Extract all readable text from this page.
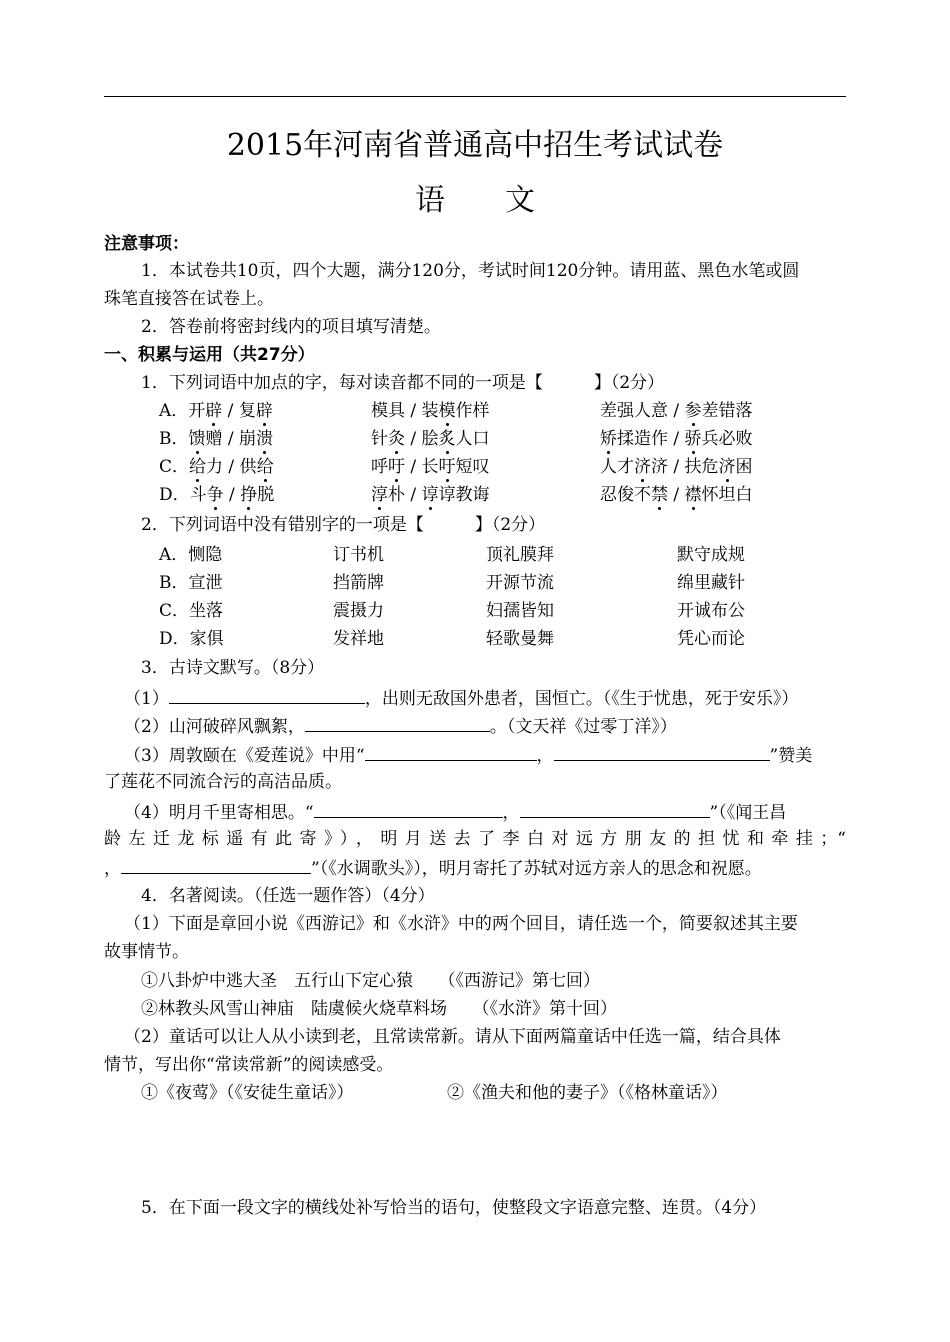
2015年河南省普通高中招生考试试卷
语文
注意事项：
1．本试卷共10页，四个大题，满分120分，考试时间120分钟。请用蓝、黑色水笔或圆
珠笔直接答在试卷上。
2．答卷前将密封线内的项目填写清楚。
一、积累与运用（共27分）
1．下列词语中加点的字，每对读音都不同的一项是【　　　】（2分）
A．开辟 / 复辟	模具 / 装模作样	差强人意 / 参差错落
B．馈赠 / 崩溃	针灸 / 脍炙人口	矫揉造作 / 骄兵必败
C．给力 / 供给	呼吁 / 长吁短叹	人才济济 / 扶危济困
D．斗争 / 挣脱	淳朴 / 谆谆教诲	忍俊不禁 / 襟怀坦白
2．下列词语中没有错别字的一项是【　　　】（2分）
A．恻隐	订书机	顶礼膜拜	默守成规
B．宣泄	挡箭牌	开源节流	绵里藏针
C．坐落	震摄力	妇孺皆知	开诚布公
D．家俱	发祥地	轻歌曼舞	凭心而论
3．古诗文默写。（8分）
（1）	，出则无敌国外患者，国恒亡。（《生于忧患，死于安乐》）
（2）山河破碎风飘絮，	。（文天祥《过零丁洋》）
（3）周敦颐在《爱莲说》中用“	，	”赞美
了莲花不同流合污的高洁品质。
（4）明月千里寄相思。“	，	”（《闻王昌
龄左迁龙标遥有此寄》），明月送去了李白对远方朋友的担忧和牵挂；“
，	”（《水调歌头》），明月寄托了苏轼对远方亲人的思念和祝愿。
4．名著阅读。（任选一题作答）（4分）
（1）下面是章回小说《西游记》和《水浒》中的两个回目，请任选一个，简要叙述其主要
故事情节。
①八卦炉中逃大圣　五行山下定心猿　　（《西游记》第七回）
②林教头风雪山神庙　陆虞候火烧草料场　　（《水浒》第十回）
（2）童话可以让人从小读到老，且常读常新。请从下面两篇童话中任选一篇，结合具体
情节，写出你“常读常新”的阅读感受。
①《夜莺》（《安徒生童话》）	②《渔夫和他的妻子》（《格林童话》）
5．在下面一段文字的横线处补写恰当的语句，使整段文字语意完整、连贯。（4分）
